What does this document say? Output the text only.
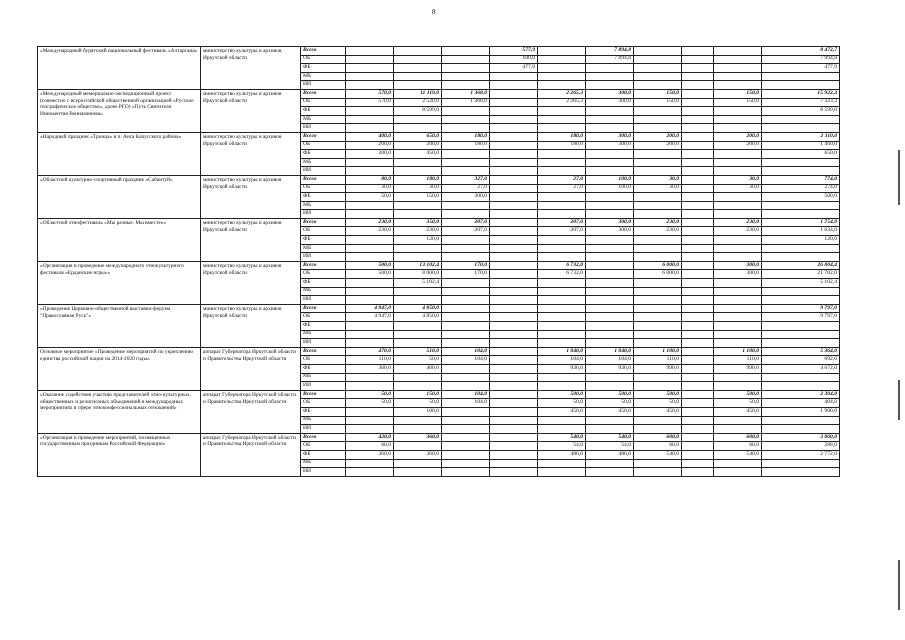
8
«Международный бурятский национальный фестиваль «Алтаргана»	министерство культуры и архивов Иркутской области	Всего				577,9		7 894,8				8 472,7
		ОБ				100,0		7 894,8				7 994,8
		ФБ				477,9						477,9
		МБ										
		ИИ										
«Международный мемориально-экспедиционный проект (совместно с всероссийской общественной организацией «Русское географическое общество», далее РГО) «Путь Святителя Иннокентия Вениаминова»	министерство культуры и архивов Иркутской области	Всего	570,0	11 119,0	1 368,0		2 265,3	300,0	150,0		150,0	15 922,3
		ОБ	570,0	2 520,0	1 368,0		2 265,3	300,0	150,0		150,0	7 323,3
		ФБ		8 599,0								8 599,0
		МБ										
		ИИ										
«Народный праздник «Троица» в п. Анга Качугского района»	министерство культуры и архивов Иркутской области	Всего	400,0	650,0	180,0		180,0	300,0	200,0		200,0	2 110,0
		ОБ	200,0	200,0	180,0		180,0	300,0	200,0		200,0	1 460,0
		ФБ	200,0	450,0								650,0
		МБ										
		ИИ										
«Областной культурно-спортивный праздник «Сабантуй»	министерство культуры и архивов Иркутской области	Всего	80,0	180,0	327,0		27,0	100,0	30,0		30,0	774,0
		ОБ	30,0	30,0	27,0		27,0	100,0	30,0		30,0	274,0
		ФБ	50,0	150,0	300,0							500,0
		МБ										
		ИИ										
«Областной этнофестиваль «Мы разные. Мы вместе»»	министерство культуры и архивов Иркутской области	Всего	230,0	350,0	207,0		207,0	300,0	230,0		230,0	1 754,0
		ОБ	230,0	230,0	207,0		207,0	300,0	230,0		230,0	1 634,0
		ФБ		120,0								120,0
		МБ										
		ИИ										
«Организация и проведение международного этнокультурного фестиваля «Ерданские игры»»	министерство культуры и архивов Иркутской области	Всего	500,0	13 102,4	170,0		6 732,0		6 000,0		300,0	26 804,4
		ОБ	500,0	8 000,0	170,0		6 732,0		6 000,0		300,0	21 702,0
		ФБ		5 102,4								5 102,4
		МБ										
		ИИ										
«Проведение Церковно-общественной выставки-форума "Православная Русь"»	министерство культуры и архивов Иркутской области	Всего	4 947,0	4 850,0								9 797,0
		ОБ	4 947,0	4 850,0								9 797,0
		ФБ										
		МБ										
		ИИ										
Основное мероприятие «Проведение мероприятий по укреплению единства российской нации на 2014-2020 годы»	аппарат Губернатора Иркутской области и Правительства Иркутской области	Всего	470,0	510,0	104,0		1 040,0	1 040,0	1 100,0		1 100,0	5 364,0
		ОБ	110,0	50,0	104,0		104,0	104,0	110,0		110,0	692,0
		ФБ	360,0	460,0			936,0	936,0	990,0		990,0	4 672,0
		МБ										
		ИИ										
«Оказание содействия участию представителей этно-культурных, общественных и религиозных объединений в международных мероприятиях в сфере этноконфессиональных отношений»	аппарат Губернатора Иркутской области и Правительства Иркутской области	Всего	50,0	150,0	104,0		500,0	500,0	500,0		500,0	2 304,0
		ОБ	50,0	50,0	104,0		50,0	50,0	50,0		50,0	404,0
		ФБ		100,0			450,0	450,0	450,0		450,0	1 900,0
		МБ										
		ИИ										
«Организация и проведение мероприятий, посвященных государственным праздникам Российской Федерации»	аппарат Губернатора Иркутской области и Правительства Иркутской области	Всего	420,0	360,0			540,0	540,0	600,0		600,0	3 060,0
		ОБ	60,0				54,0	54,0	60,0		60,0	288,0
		ФБ	360,0	360,0			486,0	486,0	540,0		540,0	2 772,0
		МБ										
		ИИ										
